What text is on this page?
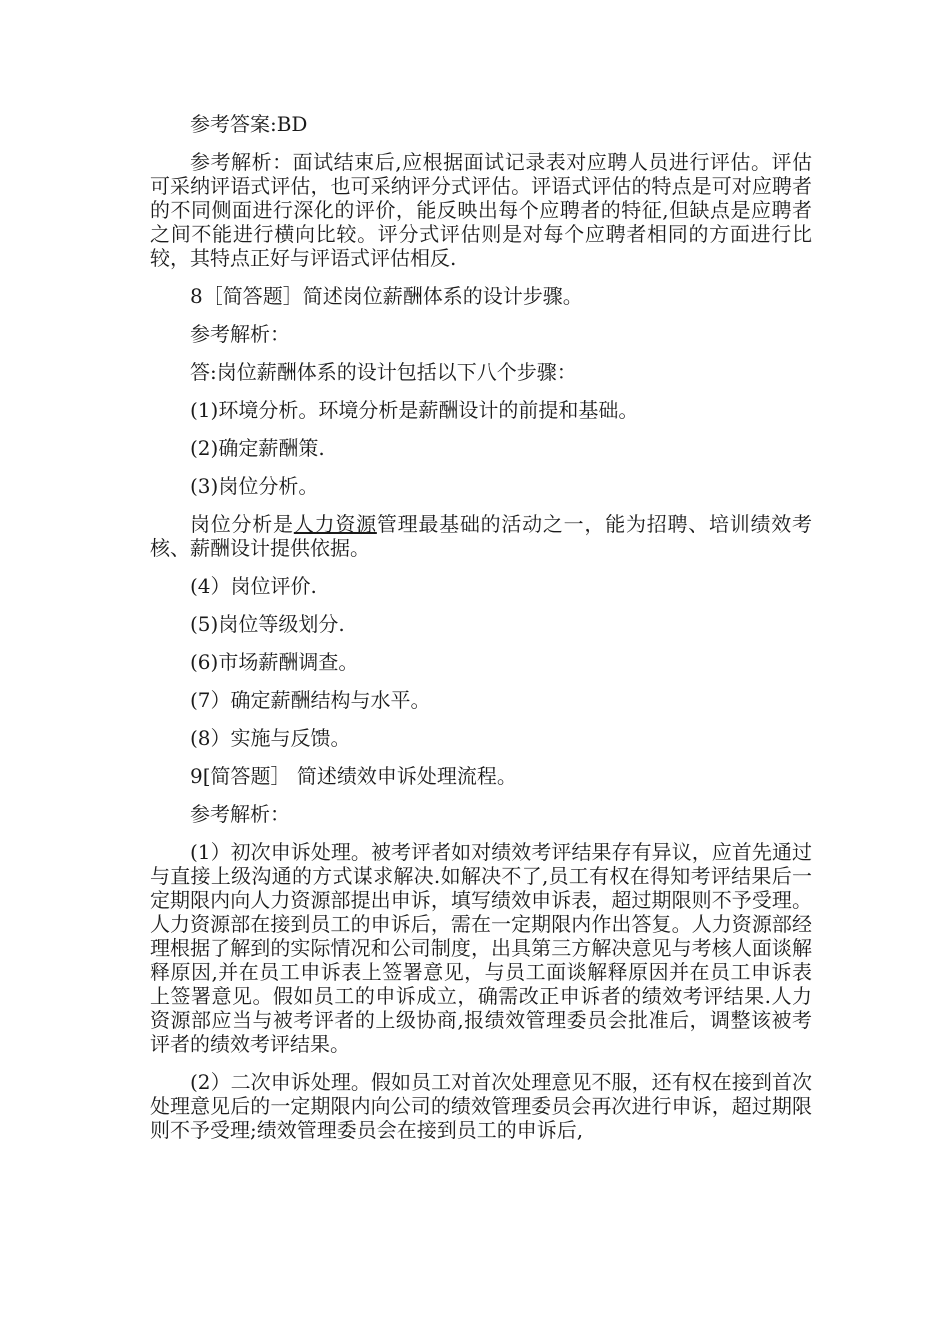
参考答案:BD

参考解析：面试结束后,应根据面试记录表对应聘人员进行评估。评估可采纳评语式评估，也可采纳评分式评估。评语式评估的特点是可对应聘者的不同侧面进行深化的评价，能反映出每个应聘者的特征,但缺点是应聘者之间不能进行横向比较。评分式评估则是对每个应聘者相同的方面进行比较，其特点正好与评语式评估相反.

8［简答题］简述岗位薪酬体系的设计步骤。

参考解析：

答:岗位薪酬体系的设计包括以下八个步骤：

(1)环境分析。环境分析是薪酬设计的前提和基础。

(2)确定薪酬策.

(3)岗位分析。

岗位分析是人力资源管理最基础的活动之一，能为招聘、培训绩效考核、薪酬设计提供依据。

(4）岗位评价.

(5)岗位等级划分.

(6)市场薪酬调查。

(7）确定薪酬结构与水平。

(8）实施与反馈。

9[简答题］ 简述绩效申诉处理流程。

参考解析：

(1）初次申诉处理。被考评者如对绩效考评结果存有异议，应首先通过与直接上级沟通的方式谋求解决.如解决不了,员工有权在得知考评结果后一定期限内向人力资源部提出申诉，填写绩效申诉表，超过期限则不予受理。人力资源部在接到员工的申诉后，需在一定期限内作出答复。人力资源部经理根据了解到的实际情况和公司制度，出具第三方解决意见与考核人面谈解释原因,并在员工申诉表上签署意见，与员工面谈解释原因并在员工申诉表上签署意见。假如员工的申诉成立，确需改正申诉者的绩效考评结果.人力资源部应当与被考评者的上级协商,报绩效管理委员会批准后，调整该被考评者的绩效考评结果。

(2）二次申诉处理。假如员工对首次处理意见不服，还有权在接到首次处理意见后的一定期限内向公司的绩效管理委员会再次进行申诉，超过期限则不予受理;绩效管理委员会在接到员工的申诉后,
